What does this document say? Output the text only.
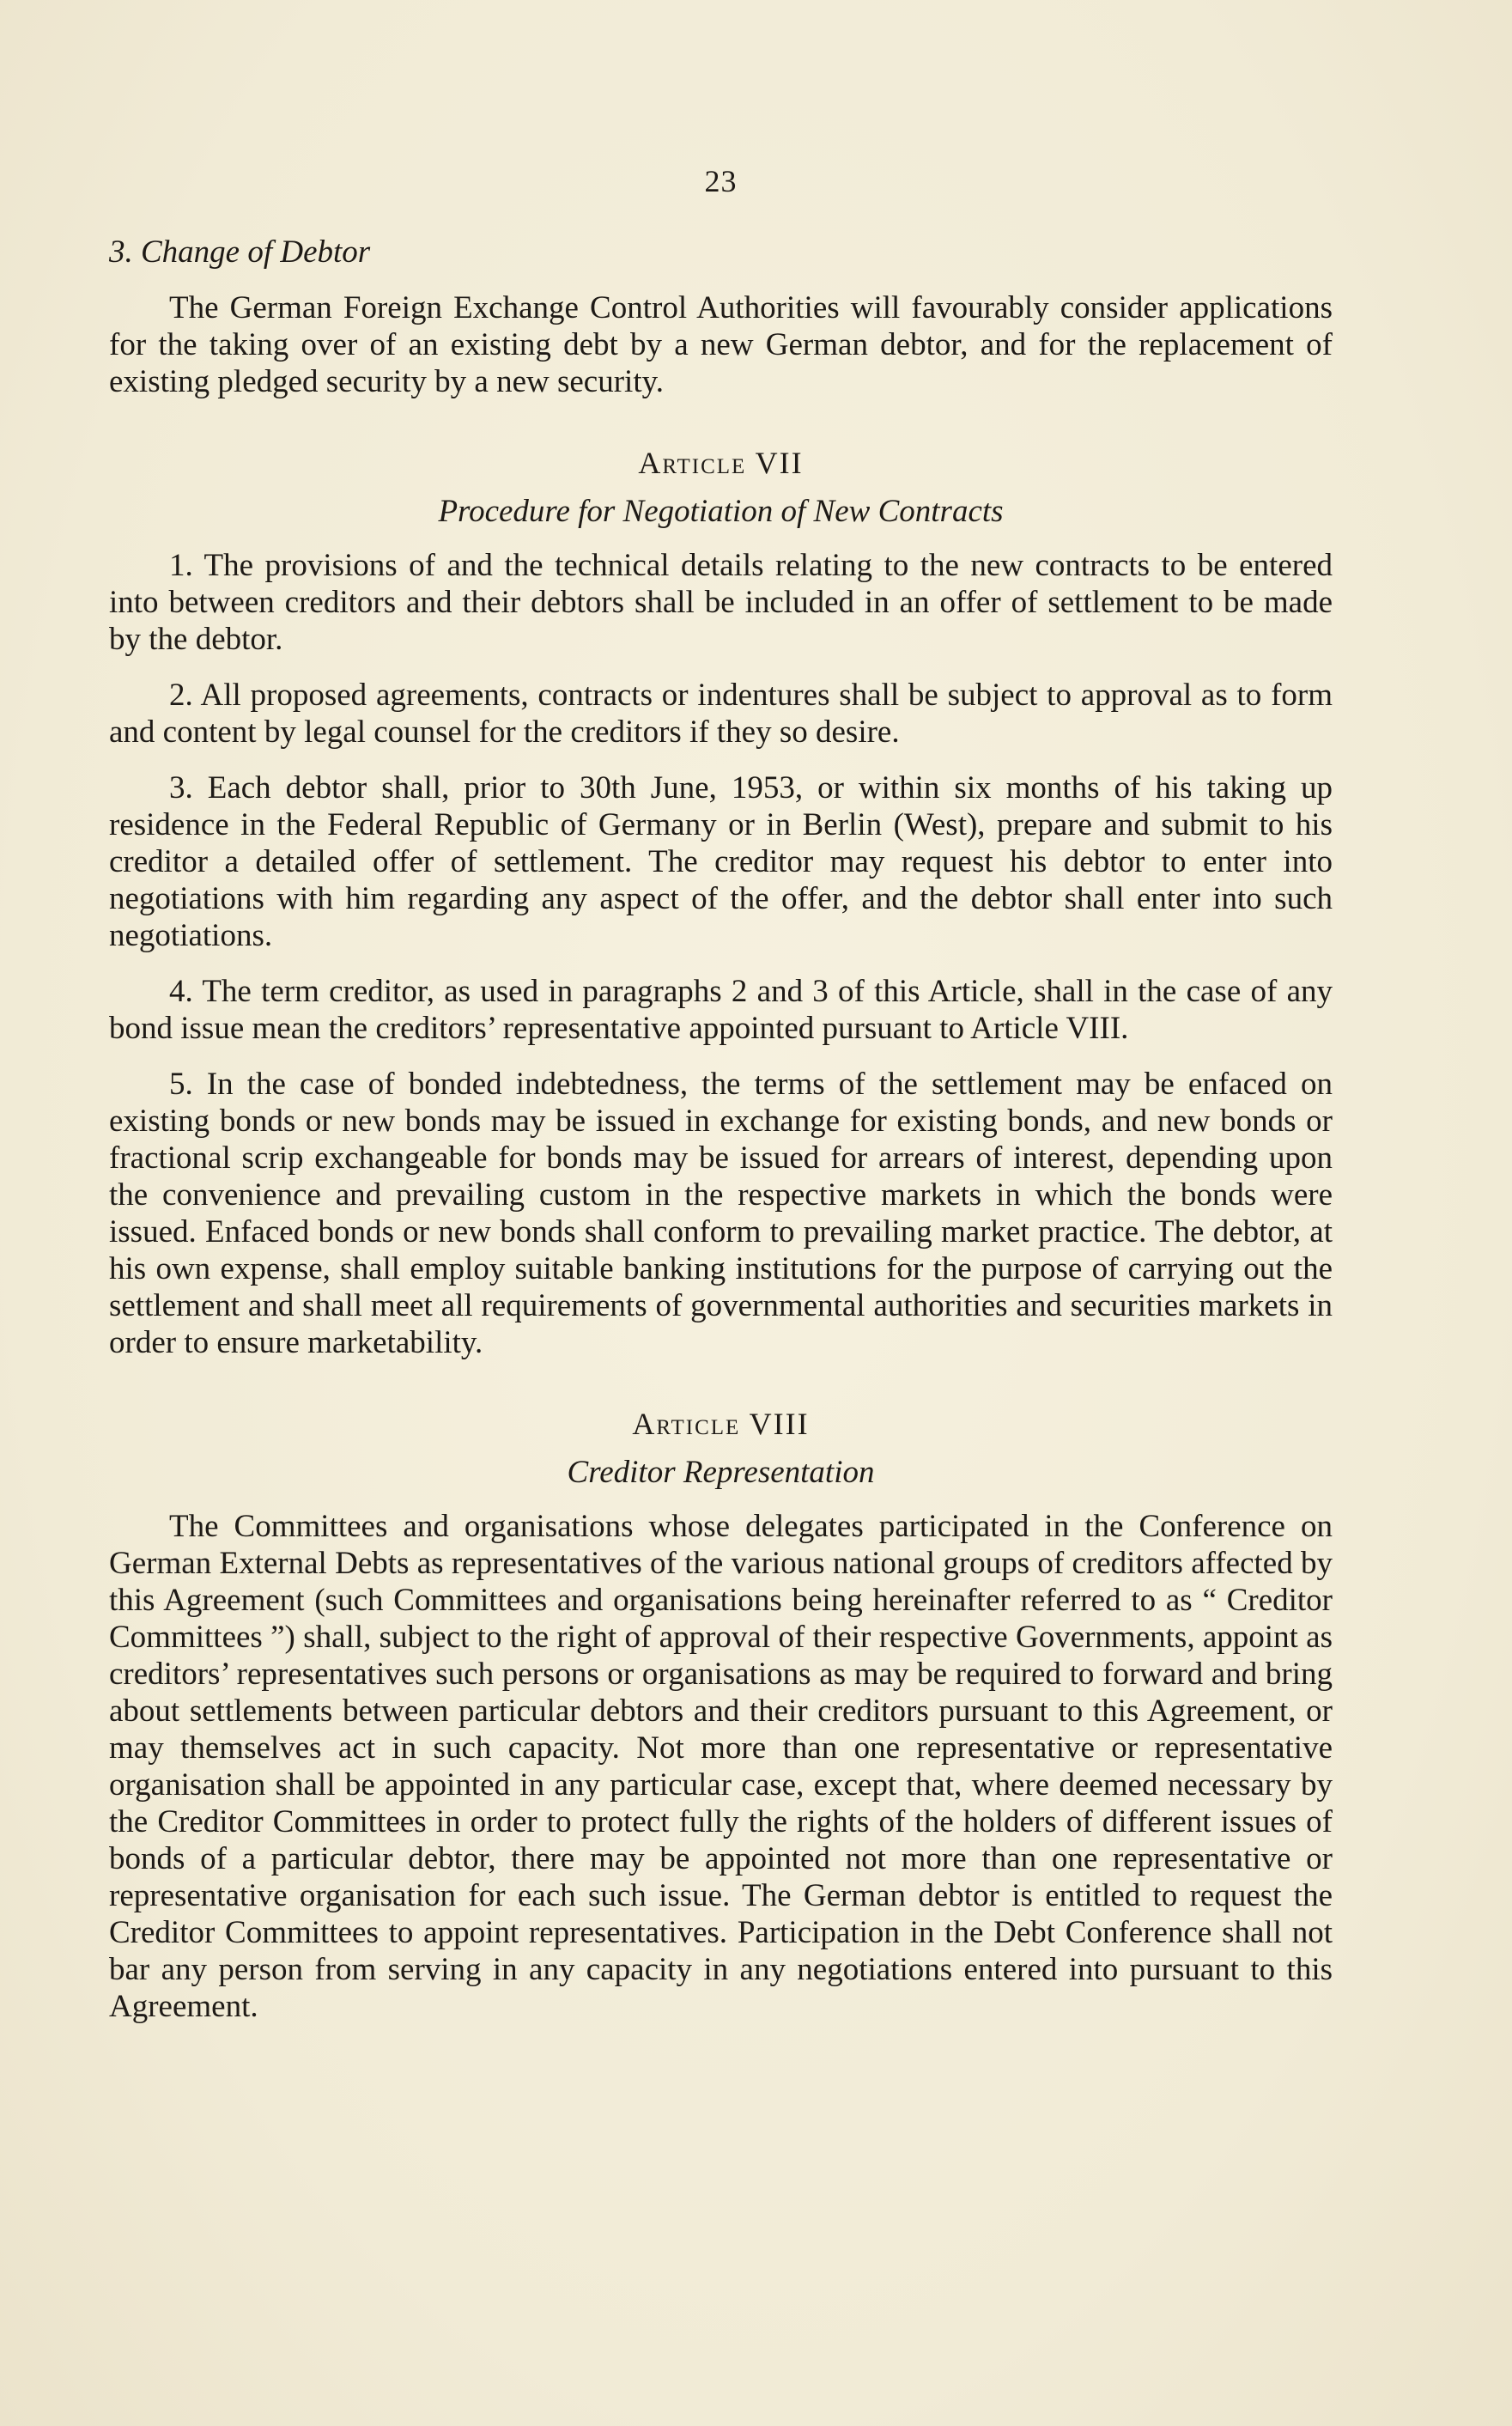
23
3. Change of Debtor

The German Foreign Exchange Control Authorities will favourably consider applications for the taking over of an existing debt by a new German debtor, and for the replacement of existing pledged security by a new security.

Article VII
Procedure for Negotiation of New Contracts

1. The provisions of and the technical details relating to the new contracts to be entered into between creditors and their debtors shall be included in an offer of settlement to be made by the debtor.

2. All proposed agreements, contracts or indentures shall be subject to approval as to form and content by legal counsel for the creditors if they so desire.

3. Each debtor shall, prior to 30th June, 1953, or within six months of his taking up residence in the Federal Republic of Germany or in Berlin (West), prepare and submit to his creditor a detailed offer of settlement. The creditor may request his debtor to enter into negotiations with him regarding any aspect of the offer, and the debtor shall enter into such negotiations.

4. The term creditor, as used in paragraphs 2 and 3 of this Article, shall in the case of any bond issue mean the creditors’ representative appointed pursuant to Article VIII.

5. In the case of bonded indebtedness, the terms of the settlement may be enfaced on existing bonds or new bonds may be issued in exchange for existing bonds, and new bonds or fractional scrip exchangeable for bonds may be issued for arrears of interest, depending upon the convenience and prevailing custom in the respective markets in which the bonds were issued. Enfaced bonds or new bonds shall conform to prevailing market practice. The debtor, at his own expense, shall employ suitable banking institutions for the purpose of carrying out the settlement and shall meet all requirements of governmental authorities and securities markets in order to ensure marketability.

Article VIII
Creditor Representation

The Committees and organisations whose delegates participated in the Conference on German External Debts as representatives of the various national groups of creditors affected by this Agreement (such Committees and organisations being hereinafter referred to as “ Creditor Committees ”) shall, subject to the right of approval of their respective Governments, appoint as creditors’ representatives such persons or organisations as may be required to forward and bring about settlements between particular debtors and their creditors pursuant to this Agreement, or may themselves act in such capacity. Not more than one representative or representative organisation shall be appointed in any particular case, except that, where deemed necessary by the Creditor Committees in order to protect fully the rights of the holders of different issues of bonds of a particular debtor, there may be appointed not more than one representative or representative organisation for each such issue. The German debtor is entitled to request the Creditor Committees to appoint representatives. Participation in the Debt Conference shall not bar any person from serving in any capacity in any negotiations entered into pursuant to this Agreement.
